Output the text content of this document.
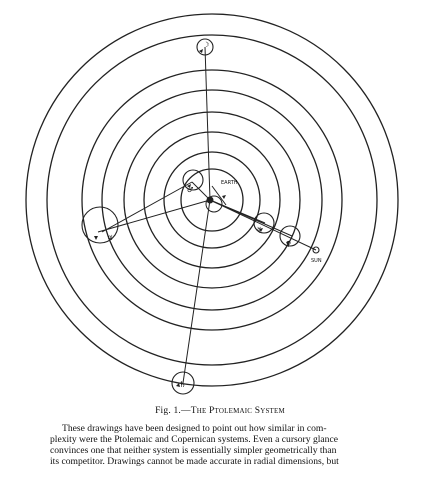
EARTH
SUN
☽
☿
♀
♂
♃
♄
Fig. 1.—The Ptolemaic System
These drawings have been designed to point out how similar in com-
plexity were the Ptolemaic and Copernican systems. Even a cursory glance
convinces one that neither system is essentially simpler geometrically than
its competitor. Drawings cannot be made accurate in radial dimensions, but
